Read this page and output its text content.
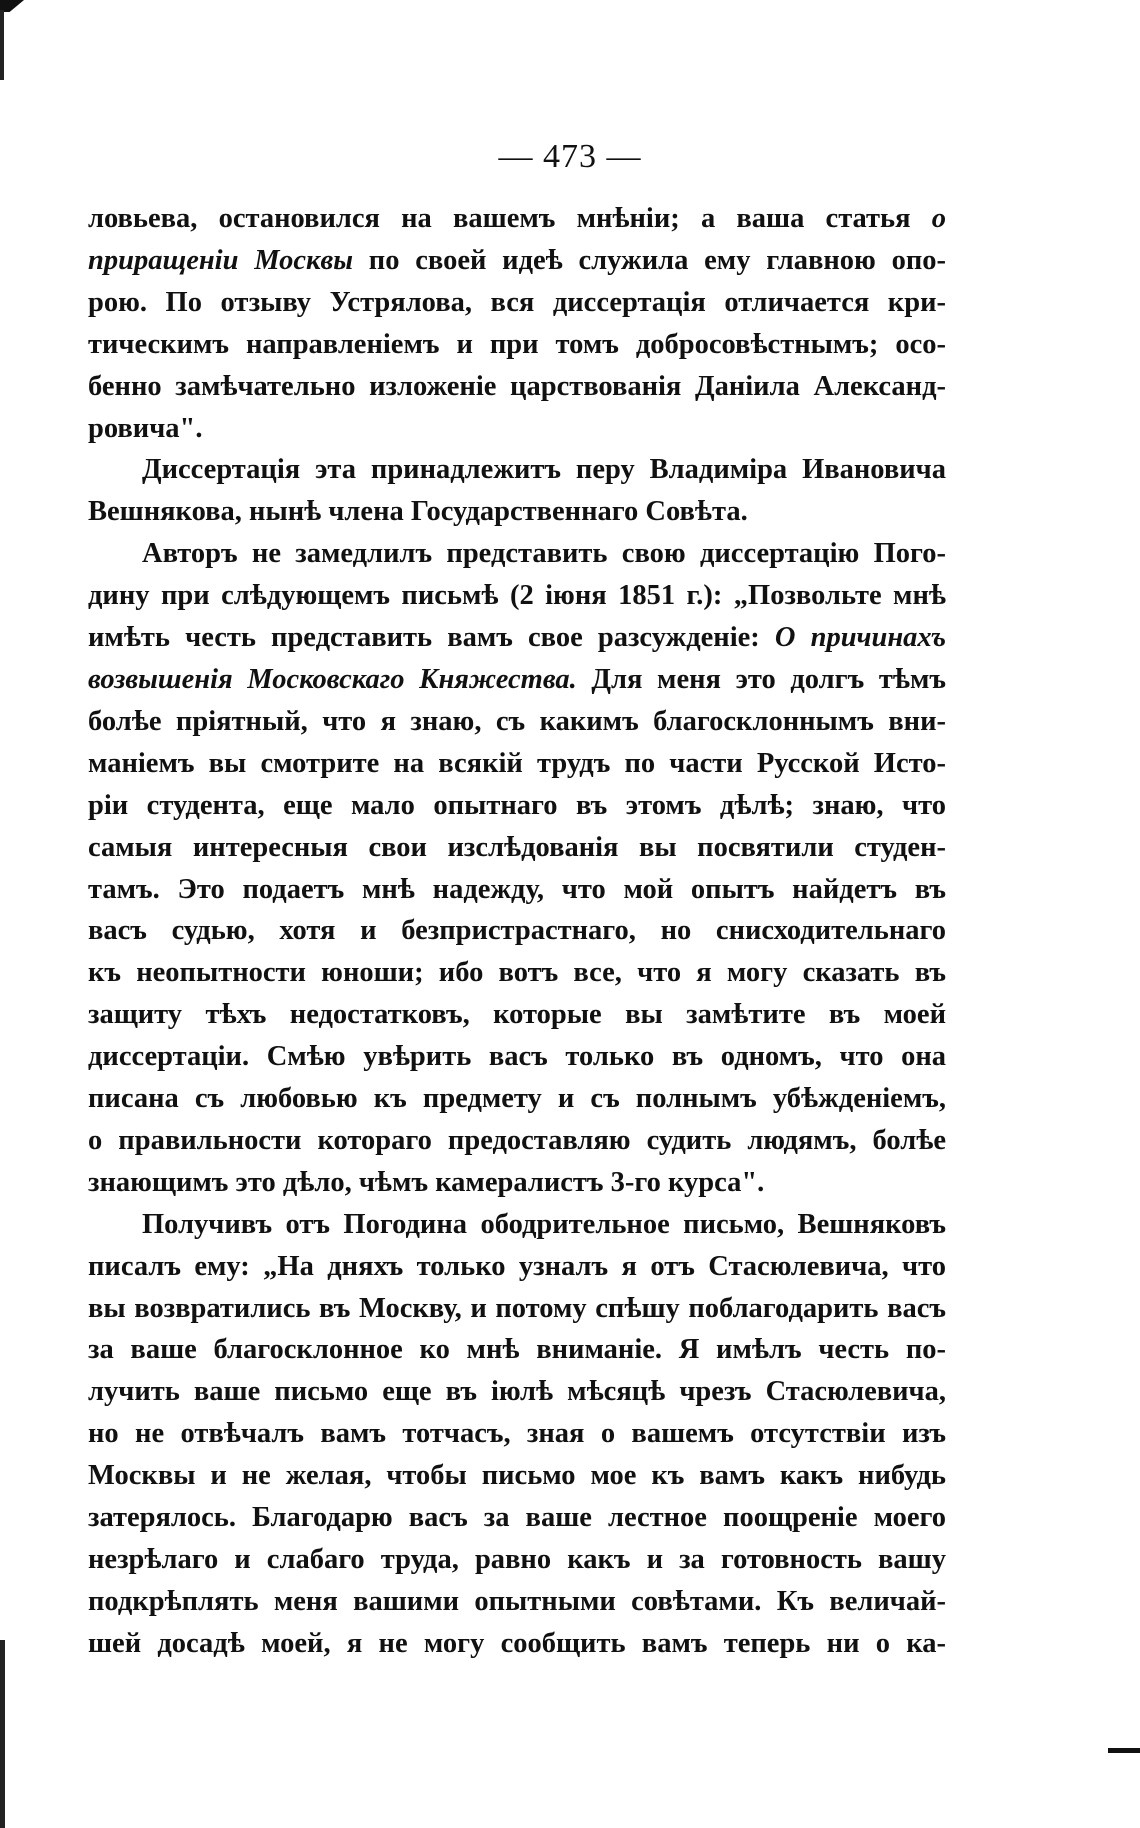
— 473 —
ловьева, остановился на вашемъ мнѣніи; а ваша статья о
приращеніи Москвы по своей идеѣ служила ему главною опо-
рою. По отзыву Устрялова, вся диссертація отличается кри-
тическимъ направленіемъ и при томъ добросовѣстнымъ; осо-
бенно замѣчательно изложеніе царствованія Даніила Александ-
ровича".
Диссертація эта принадлежитъ перу Владиміра Ивановича
Вешнякова, нынѣ члена Государственнаго Совѣта.
Авторъ не замедлилъ представить свою диссертацію Пого-
дину при слѣдующемъ письмѣ (2 іюня 1851 г.): „Позвольте мнѣ
имѣть честь представить вамъ свое разсужденіе: О причинахъ
возвышенія Московскаго Княжества. Для меня это долгъ тѣмъ
болѣе пріятный, что я знаю, съ какимъ благосклоннымъ вни-
маніемъ вы смотрите на всякій трудъ по части Русской Исто-
ріи студента, еще мало опытнаго въ этомъ дѣлѣ; знаю, что
самыя интересныя свои изслѣдованія вы посвятили студен-
тамъ. Это подаетъ мнѣ надежду, что мой опытъ найдетъ въ
васъ судью, хотя и безпристрастнаго, но снисходительнаго
къ неопытности юноши; ибо вотъ все, что я могу сказать въ
защиту тѣхъ недостатковъ, которые вы замѣтите въ моей
диссертаціи. Смѣю увѣрить васъ только въ одномъ, что она
писана съ любовью къ предмету и съ полнымъ убѣжденіемъ,
о правильности котораго предоставляю судить людямъ, болѣе
знающимъ это дѣло, чѣмъ камералистъ 3-го курса".
Получивъ отъ Погодина ободрительное письмо, Вешняковъ
писалъ ему: „На дняхъ только узналъ я отъ Стасюлевича, что
вы возвратились въ Москву, и потому спѣшу поблагодарить васъ
за ваше благосклонное ко мнѣ вниманіе. Я имѣлъ честь по-
лучить ваше письмо еще въ іюлѣ мѣсяцѣ чрезъ Стасюлевича,
но не отвѣчалъ вамъ тотчасъ, зная о вашемъ отсутствіи изъ
Москвы и не желая, чтобы письмо мое къ вамъ какъ нибудь
затерялось. Благодарю васъ за ваше лестное поощреніе моего
незрѣлаго и слабаго труда, равно какъ и за готовность вашу
подкрѣплять меня вашими опытными совѣтами. Къ величай-
шей досадѣ моей, я не могу сообщить вамъ теперь ни о ка-
